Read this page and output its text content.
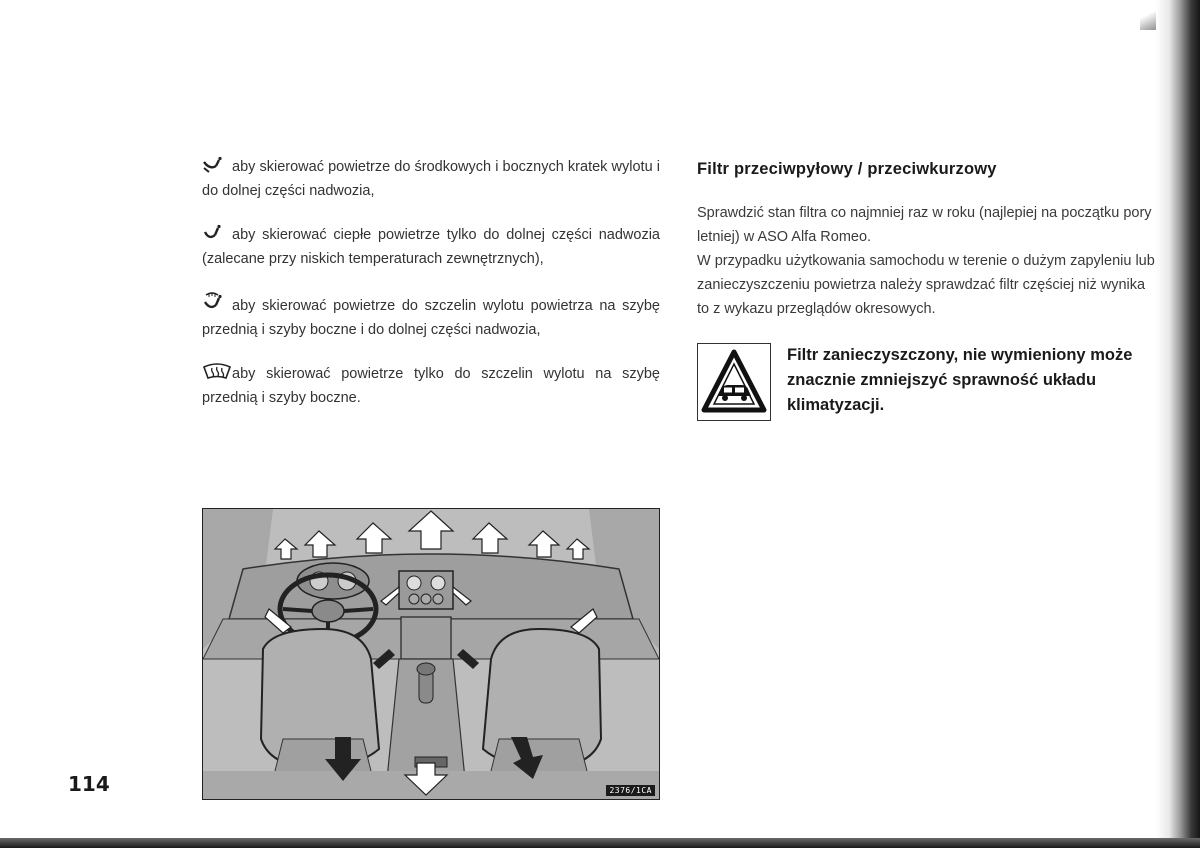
aby skierować powietrze do środkowych i bocznych kratek wylotu i do dolnej części nadwozia,

aby skierować ciepłe powietrze tylko do dolnej części nadwozia (zalecane przy niskich temperaturach zewnętrznych),

aby skierować powietrze do szczelin wylotu powietrza na szybę przednią i szyby boczne i do dolnej części nadwozia,

aby skierować powietrze tylko do szczelin wylotu na szybę przednią i szyby boczne.

Filtr przeciwpyłowy / przeciwkurzowy

Sprawdzić stan filtra co najmniej raz w roku (najlepiej na początku pory letniej) w ASO Alfa Romeo.

W przypadku użytkowania samochodu w terenie o dużym zapyleniu lub zanieczyszczeniu powietrza należy sprawdzać filtr częściej niż wynika to z wykazu przeglądów okresowych.

Filtr zanieczyszczony, nie wymieniony może znacznie zmniejszyć sprawność układu klimatyzacji.
2376/1CA
114
